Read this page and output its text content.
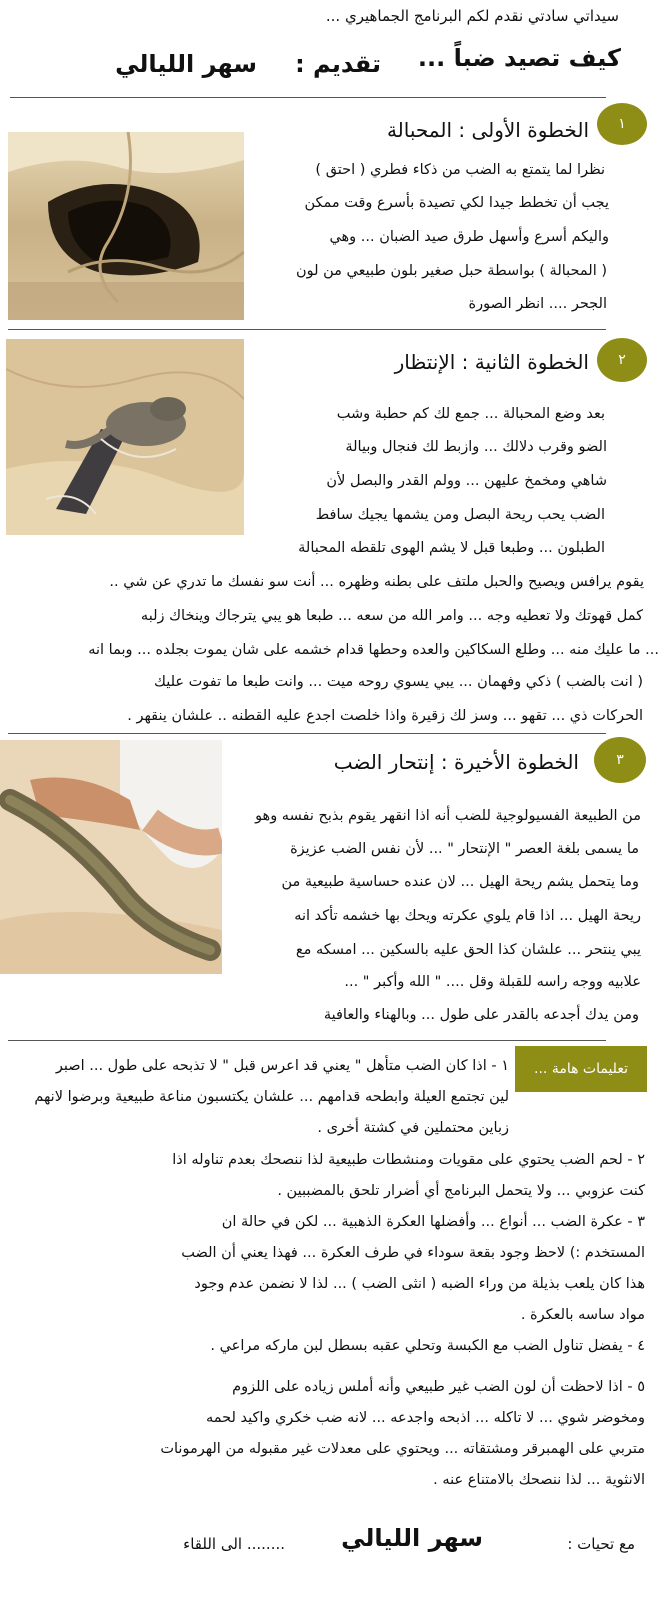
سيداتي سادتي نقدم لكم البرنامج الجماهيري ...
كيف تصيد ضباً ...
تقديم :
سهر الليالي
١
الخطوة الأولى : المحبالة
نظرا لما يتمتع به الضب من ذكاء فطري ( احتق )
يجب أن تخطط جيدا لكي تصيدة بأسرع وقت ممكن
واليكم أسرع وأسهل طرق صيد الضبان ... وهي
( المحبالة ) بواسطة حبل صغير بلون طبيعي من لون
الجحر .... انظر الصورة
٢
الخطوة الثانية : الإنتظار
بعد وضع المحبالة ... جمع لك كم حطبة وشب
الضو وقرب دلالك ... وازبط لك فنجال وبيالة
شاهي ومخمخ عليهن ... وولم القدر والبصل لأن
الضب يحب ريحة البصل ومن يشمها يجيك سافط
الطبلون ... وطبعا قبل لا يشم الهوى تلقطه المحبالة
يقوم يرافس ويصيح والحبل ملتف على بطنه وظهره ... أنت سو نفسك ما تدري عن شي ..
كمل قهوتك ولا تعطيه وجه ... وامر الله من سعه ... طبعا هو يبي يترجاك وينخاك زلبه
... ما عليك منه ... وطلع السكاكين والعده وحطها قدام خشمه على شان يموت بجلده ... وبما انه
( انت بالضب ) ذكي وفهمان ... يبي يسوي روحه ميت ... وانت طبعا ما تفوت عليك
الحركات ذي ... تقهو ... وسز لك زقيرة واذا خلصت اجدع عليه القطنه .. علشان ينقهر .
٣
الخطوة الأخيرة : إنتحار الضب
من الطبيعة الفسيولوجية للضب أنه اذا انقهر يقوم بذبح نفسه وهو
ما يسمى بلغة العصر " الإنتحار " ... لأن نفس الضب عزيزة
وما يتحمل يشم ريحة الهيل ... لان عنده حساسية طبيعية من
ريحة الهيل ... اذا قام يلوي عكرته ويحك بها خشمه تأكد انه
يبي ينتحر ... علشان كذا الحق عليه بالسكين ... امسكه مع
علابيه ووجه راسه للقبلة وقل .... " الله وأكبر " ...
ومن يدك أجدعه بالقدر على طول ... وبالهناء والعافية
تعليمات هامة ...
١ - اذا كان الضب متأهل " يعني قد اعرس قبل " لا تذبحه على طول ... اصبر
لين تجتمع العيلة وابطحه قدامهم ... علشان يكتسبون مناعة طبيعية وبرضوا لانهم
زباين محتملين في كشتة أخرى .
٢ - لحم الضب يحتوي على مقويات ومنشطات طبيعية لذا ننصحك بعدم تناوله اذا
كنت عزوبي ... ولا يتحمل البرنامج أي أضرار تلحق بالمضببين .
٣ - عكرة الضب ... أنواع ... وأفضلها العكرة الذهبية ... لكن في حالة ان
المستخدم :) لاحظ وجود بقعة سوداء في طرف العكرة ... فهذا يعني أن الضب
هذا كان يلعب بذيلة من وراء الضبه ( انثى الضب ) ... لذا لا نضمن عدم وجود
مواد ساسه بالعكرة .
٤ - يفضل تناول الضب مع الكبسة وتحلي عقبه بسطل لبن ماركه مراعي .
٥ - اذا لاحظت أن لون الضب غير طبيعي وأنه أملس زياده على اللزوم
ومخوضر شوي ... لا تاكله ... اذبحه واجدعه ... لانه ضب خكري واكيد لحمه
متربي على الهمبرقر ومشتقاته ... ويحتوي على معدلات غير مقبوله من الهرمونات
الانثوية ... لذا ننصحك بالامتناع عنه .
مع تحيات :
سهر الليالي
........ الى اللقاء
